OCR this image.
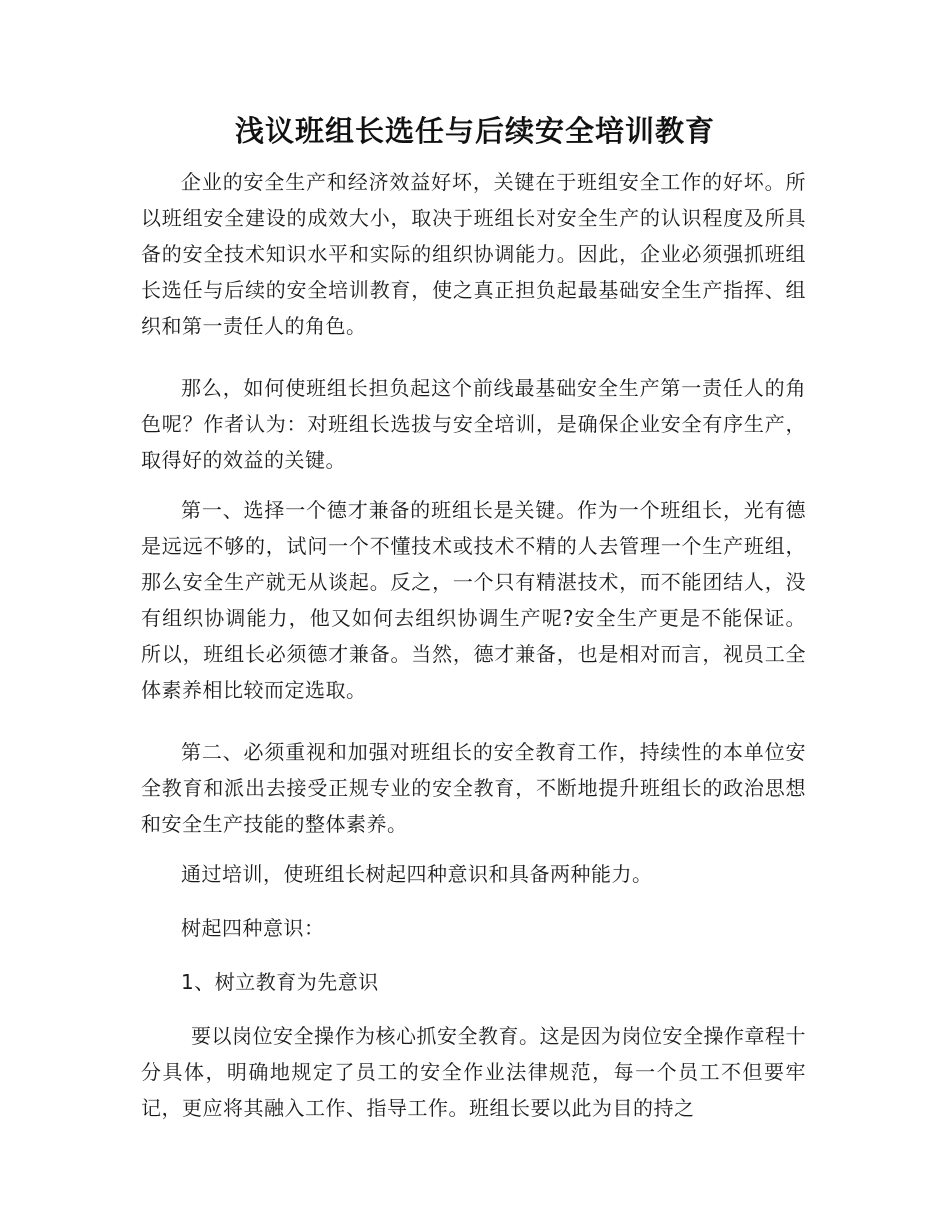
浅议班组长选任与后续安全培训教育

企业的安全生产和经济效益好坏，关键在于班组安全工作的好坏。所以班组安全建设的成效大小，取决于班组长对安全生产的认识程度及所具备的安全技术知识水平和实际的组织协调能力。因此，企业必须强抓班组长选任与后续的安全培训教育，使之真正担负起最基础安全生产指挥、组织和第一责任人的角色。

那么，如何使班组长担负起这个前线最基础安全生产第一责任人的角色呢？作者认为：对班组长选拔与安全培训，是确保企业安全有序生产，取得好的效益的关键。

第一、选择一个德才兼备的班组长是关键。作为一个班组长，光有德是远远不够的，试问一个不懂技术或技术不精的人去管理一个生产班组，那么安全生产就无从谈起。反之，一个只有精湛技术，而不能团结人，没有组织协调能力，他又如何去组织协调生产呢?安全生产更是不能保证。所以，班组长必须德才兼备。当然，德才兼备，也是相对而言，视员工全体素养相比较而定选取。

第二、必须重视和加强对班组长的安全教育工作，持续性的本单位安全教育和派出去接受正规专业的安全教育，不断地提升班组长的政治思想和安全生产技能的整体素养。

通过培训，使班组长树起四种意识和具备两种能力。

树起四种意识：

1、树立教育为先意识

要以岗位安全操作为核心抓安全教育。这是因为岗位安全操作章程十分具体，明确地规定了员工的安全作业法律规范，每一个员工不但要牢记，更应将其融入工作、指导工作。班组长要以此为目的持之
